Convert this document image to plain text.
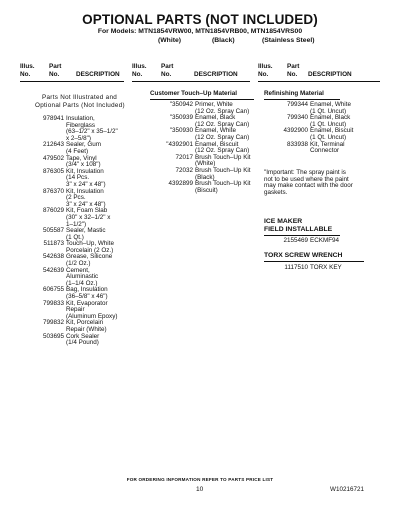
OPTIONAL PARTS (NOT INCLUDED)
For Models: MTN1854VRW00, MTN1854VRB00, MTN1854VRS00
(White)	(Black)	(Stainless Steel)
Illus.
No.
Part
No.	DESCRIPTION
Illus.
No.
Part
No.	DESCRIPTION
Illus.
No.
Part
No.	DESCRIPTION
Parts Not Illustrated and
Optional Parts (Not Included)
978941 Insulation,
Fiberglass
(63–1/2" x 35–1/2"
x 2–5/8")
212643 Sealer, Gum
(4 Feet)
479502 Tape, Vinyl
(3/4" x 108")
876305 Kit, Insulation
(14 Pcs.
3" x 24" x 48")
876370 Kit, Insulation
(2 Pcs.
3" x 24" x 48")
876029 Kit, Foam Slab
(30" x 32–1/2" x
1–1/2")
505587 Sealer, Mastic
(1 Qt.)
511873 Touch–Up, White
Porcelain (2 Oz.)
542638 Grease, Silicone
(1/2 Oz.)
542639 Cement,
Aluminastic
(1–1/4 Oz.)
606755 Bag, Insulation
(36–5/8" x 46")
799833 Kit, Evaporator
Repair
(Aluminum Epoxy)
799832 Kit, Porcelain
Repair (White)
503695 Cork Sealer
(1/4 Pound)
Customer Touch–Up Material
"350942 Primer, White
(12 Oz. Spray Can)
"350939 Enamel, Black
(12 Oz. Spray Can)
"350930 Enamel, White
(12 Oz. Spray Can)
"4392901 Enamel, Biscuit
(12 Oz. Spray Can)
72017 Brush Touch–Up Kit
(White)
72032 Brush Touch–Up Kit
(Black)
4392899 Brush Touch–Up Kit
(Biscuit)
Refinishing Material
799344 Enamel, White
(1 Qt. Uncut)
799340 Enamel, Black
(1 Qt. Uncut)
4392900 Enamel, Biscuit
(1 Qt. Uncut)
833938 Kit, Terminal
Connector
"Important: The spray paint is
not to be used where the paint
may make contact with the door
gaskets.
ICE MAKER
FIELD INSTALLABLE
2155469 ECKMF94
TORX SCREW WRENCH
1117510 TORX KEY
FOR ORDERING INFORMATION REFER TO PARTS PRICE LIST
10	W10216721
